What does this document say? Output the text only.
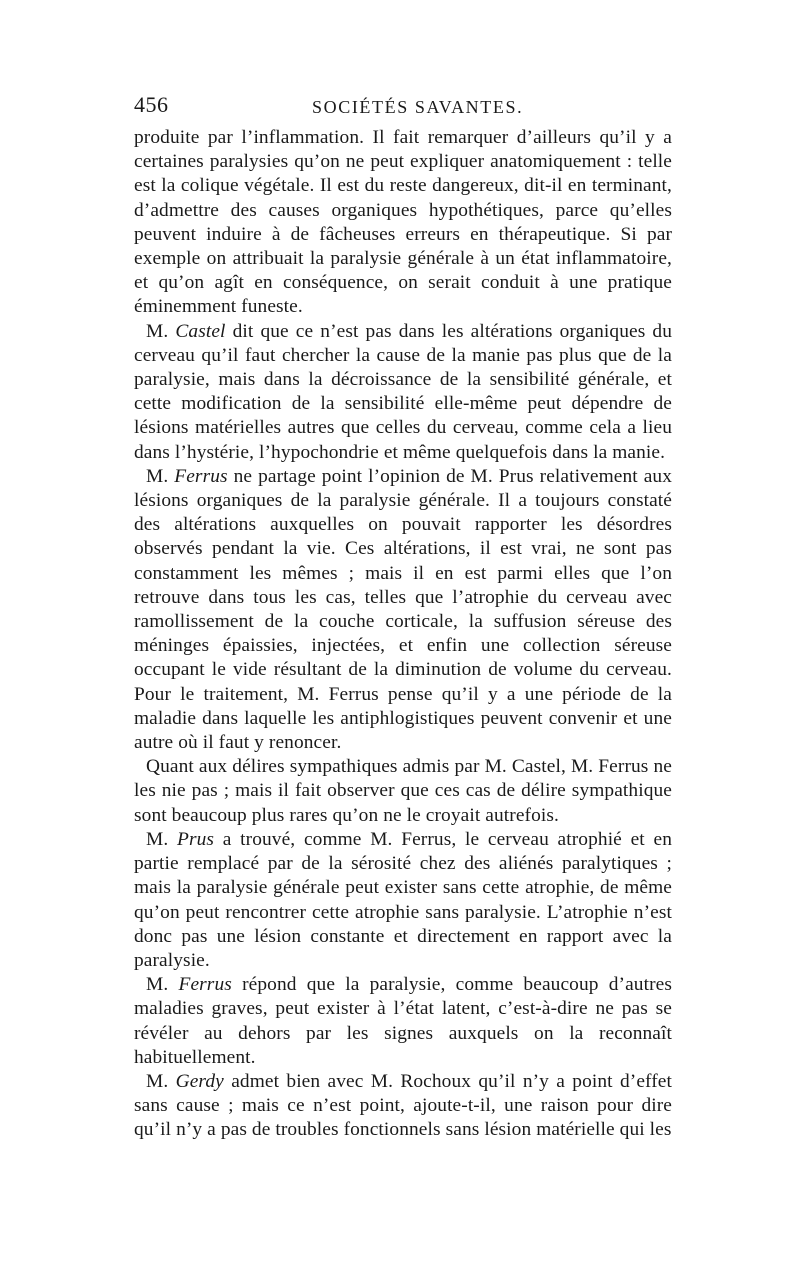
456	SOCIÉTÉS SAVANTES.

produite par l’inflammation. Il fait remarquer d’ailleurs qu’il y a certaines paralysies qu’on ne peut expliquer anatomiquement : telle est la colique végétale. Il est du reste dangereux, dit-il en terminant, d’admettre des causes organiques hypothétiques, parce qu’elles peuvent induire à de fâcheuses erreurs en thérapeutique. Si par exemple on attribuait la paralysie générale à un état inflammatoire, et qu’on agît en conséquence, on serait conduit à une pratique éminemment funeste.

M. Castel dit que ce n’est pas dans les altérations organiques du cerveau qu’il faut chercher la cause de la manie pas plus que de la paralysie, mais dans la décroissance de la sensibilité générale, et cette modification de la sensibilité elle-même peut dépendre de lésions matérielles autres que celles du cerveau, comme cela a lieu dans l’hystérie, l’hypochondrie et même quelquefois dans la manie.

M. Ferrus ne partage point l’opinion de M. Prus relativement aux lésions organiques de la paralysie générale. Il a toujours constaté des altérations auxquelles on pouvait rapporter les désordres observés pendant la vie. Ces altérations, il est vrai, ne sont pas constamment les mêmes ; mais il en est parmi elles que l’on retrouve dans tous les cas, telles que l’atrophie du cerveau avec ramollissement de la couche corticale, la suffusion séreuse des méninges épaissies, injectées, et enfin une collection séreuse occupant le vide résultant de la diminution de volume du cerveau. Pour le traitement, M. Ferrus pense qu’il y a une période de la maladie dans laquelle les antiphlogistiques peuvent convenir et une autre où il faut y renoncer.

Quant aux délires sympathiques admis par M. Castel, M. Ferrus ne les nie pas ; mais il fait observer que ces cas de délire sympathique sont beaucoup plus rares qu’on ne le croyait autrefois.

M. Prus a trouvé, comme M. Ferrus, le cerveau atrophié et en partie remplacé par de la sérosité chez des aliénés paralytiques ; mais la paralysie générale peut exister sans cette atrophie, de même qu’on peut rencontrer cette atrophie sans paralysie. L’atrophie n’est donc pas une lésion constante et directement en rapport avec la paralysie.

M. Ferrus répond que la paralysie, comme beaucoup d’autres maladies graves, peut exister à l’état latent, c’est-à-dire ne pas se révéler au dehors par les signes auxquels on la reconnaît habituellement.

M. Gerdy admet bien avec M. Rochoux qu’il n’y a point d’effet sans cause ; mais ce n’est point, ajoute-t-il, une raison pour dire qu’il n’y a pas de troubles fonctionnels sans lésion matérielle qui les
